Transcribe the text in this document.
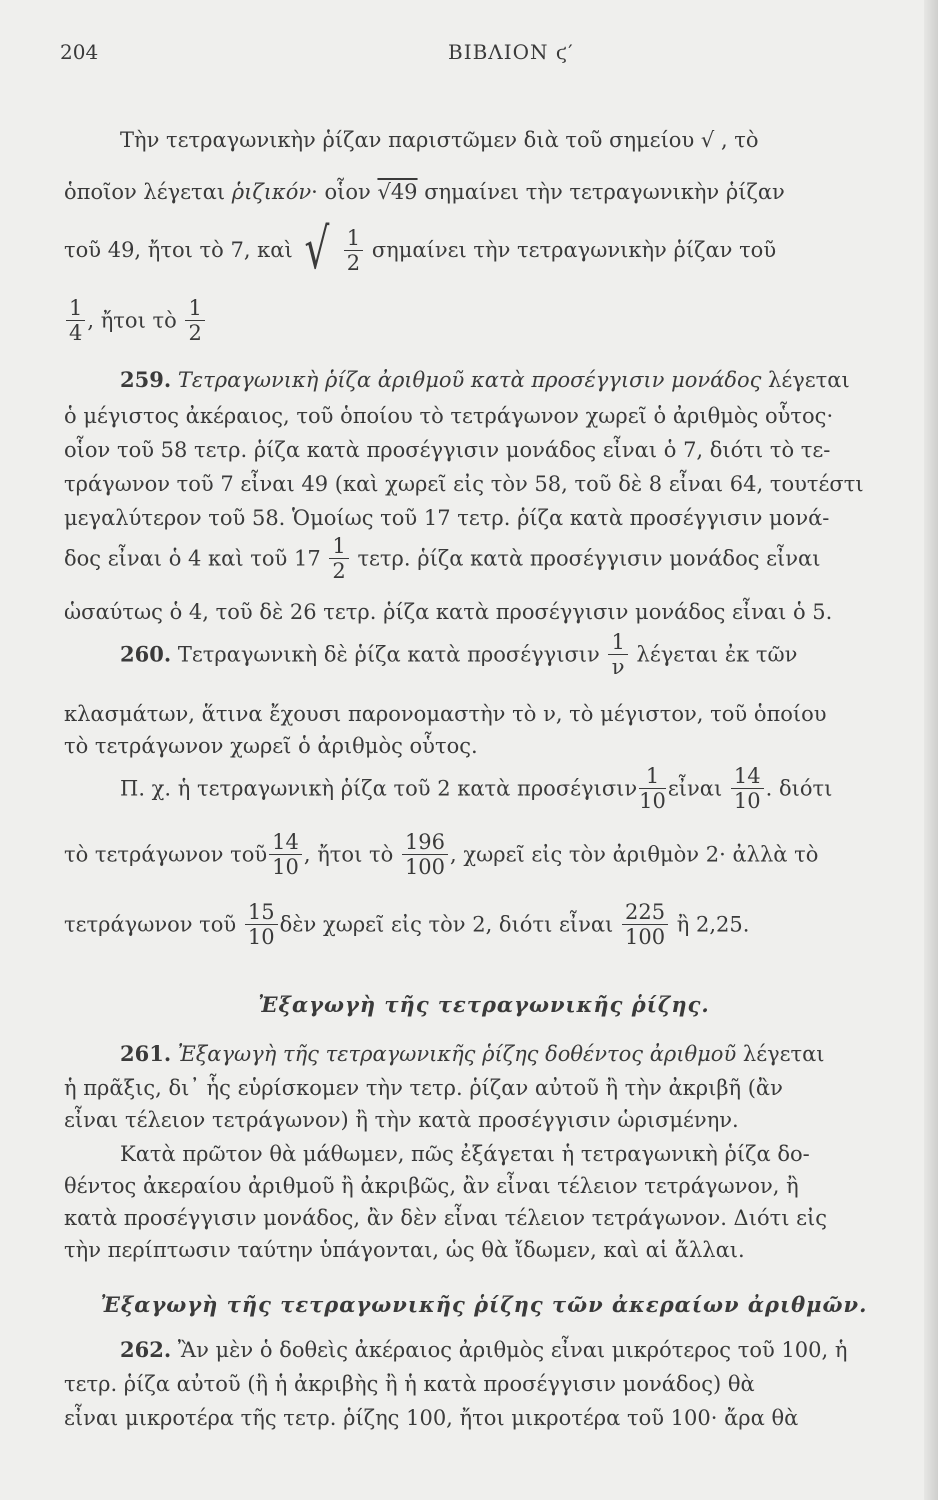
204	ΒΙΒΛΙΟΝ ϛ′
Τὴν τετραγωνικὴν ῥίζαν παριστῶμεν διὰ τοῦ σημείου √ , τὸ
ὁποῖον λέγεται ῥιζικόν· οἷον √49 σημαίνει τὴν τετραγωνικὴν ῥίζαν
τοῦ 49, ἤτοι τὸ 7, καὶ √ $\frac{1}{2}$ σημαίνει τὴν τετραγωνικὴν ῥίζαν τοῦ
$\frac{1}{4}$ , ἤτοι τὸ $\frac{1}{2}$
259. Τετραγωνικὴ ῥίζα ἀριθμοῦ κατὰ προσέγγισιν μονάδος λέγεται
ὁ μέγιστος ἀκέραιος, τοῦ ὁποίου τὸ τετράγωνον χωρεῖ ὁ ἀριθμὸς οὗτος·
οἷον τοῦ 58 τετρ. ῥίζα κατὰ προσέγγισιν μονάδος εἶναι ὁ 7, διότι τὸ τε-
τράγωνον τοῦ 7 εἶναι 49 (καὶ χωρεῖ εἰς τὸν 58, τοῦ δὲ 8 εἶναι 64, τουτέστι
μεγαλύτερον τοῦ 58. Ὁμοίως τοῦ 17 τετρ. ῥίζα κατὰ προσέγγισιν μονά-
δος εἶναι ὁ 4 καὶ τοῦ $17 \frac{1}{2} \tau\varepsilon\tau\rho$. ῥίζα κατὰ προσέγγισιν μονάδος εἶναι
ὡσαύτως ὁ 4, τοῦ δὲ 26 τετρ. ῥίζα κατὰ προσέγγισιν μονάδος εἶναι ὁ 5.
260. Τετραγωνικὴ δὲ ῥίζα κατὰ προσέγγισιν $\frac{1}{\nu}$ λέγεται ἐκ τῶν
κλασμάτων, ἅτινα ἔχουσι παρονομαστὴν τὸ ν, τὸ μέγιστον, τοῦ ὁποίου
τὸ τετράγωνον χωρεῖ ὁ ἀριθμὸς οὗτος.
Π. χ. ἡ τετραγωνικὴ ῥίζα τοῦ 2 κατὰ προσέγισιν $\frac{1}{10}$ εἶναι $\frac{14}{10}$ . διότι
τὸ τετράγωνον τοῦ $\frac{14}{10}$ , ἤτοι τὸ $\frac{196}{100}$ , χωρεῖ εἰς τὸν ἀριθμὸν 2· ἀλλὰ τὸ
τετράγωνον τοῦ $\frac{15}{10}$ δὲν χωρεῖ εἰς τὸν 2, διότι εἶναι $\frac{225}{100}$ ἢ 2,25.
Ἐξαγωγὴ τῆς τετραγωνικῆς ῥίζης.
261. Ἐξαγωγὴ τῆς τετραγωνικῆς ῥίζης δοθέντος ἀριθμοῦ λέγεται
ἡ πρᾶξις, δι᾽ ἧς εὑρίσκομεν τὴν τετρ. ῥίζαν αὐτοῦ ἢ τὴν ἀκριβῆ (ἂν
εἶναι τέλειον τετράγωνον) ἢ τὴν κατὰ προσέγγισιν ὡρισμένην.
Κατὰ πρῶτον θὰ μάθωμεν, πῶς ἐξάγεται ἡ τετραγωνικὴ ῥίζα δο-
θέντος ἀκεραίου ἀριθμοῦ ἢ ἀκριβῶς, ἂν εἶναι τέλειον τετράγωνον, ἢ
κατὰ προσέγγισιν μονάδος, ἂν δὲν εἶναι τέλειον τετράγωνον. Διότι εἰς
τὴν περίπτωσιν ταύτην ὑπάγονται, ὡς θὰ ἴδωμεν, καὶ αἱ ἄλλαι.
Ἐξαγωγὴ τῆς τετραγωνικῆς ῥίζης τῶν ἀκεραίων ἀριθμῶν.
262. Ἂν μὲν ὁ δοθεὶς ἀκέραιος ἀριθμὸς εἶναι μικρότερος τοῦ 100, ἡ
τετρ. ῥίζα αὐτοῦ (ἢ ἡ ἀκριβὴς ἢ ἡ κατὰ προσέγγισιν μονάδος) θὰ
εἶναι μικροτέρα τῆς τετρ. ῥίζης 100, ἤτοι μικροτέρα τοῦ 100· ἄρα θὰ
